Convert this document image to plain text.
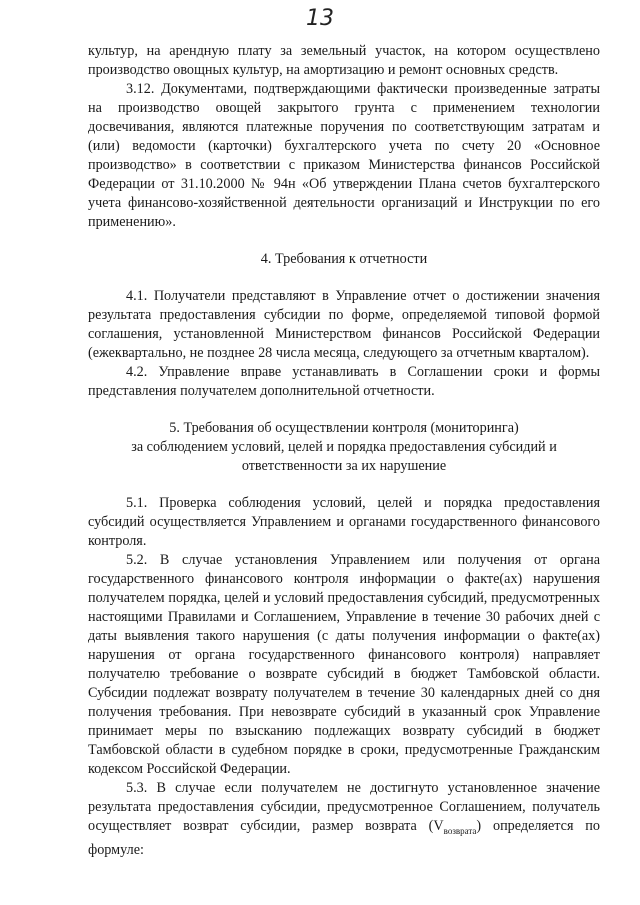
13

культур, на арендную плату за земельный участок, на котором осуществлено производство овощных культур, на амортизацию и ремонт основных средств.

3.12. Документами, подтверждающими фактически произведенные затраты на производство овощей закрытого грунта с применением технологии досвечивания, являются платежные поручения по соответствующим затратам и (или) ведомости (карточки) бухгалтерского учета по счету 20 «Основное производство» в соответствии с приказом Министерства финансов Российской Федерации от 31.10.2000 № 94н «Об утверждении Плана счетов бухгалтерского учета финансово-хозяйственной деятельности организаций и Инструкции по его применению».

4. Требования к отчетности

4.1. Получатели представляют в Управление отчет о достижении значения результата предоставления субсидии по форме, определяемой типовой формой соглашения, установленной Министерством финансов Российской Федерации (ежеквартально, не позднее 28 числа месяца, следующего за отчетным кварталом).

4.2. Управление вправе устанавливать в Соглашении сроки и формы представления получателем дополнительной отчетности.

5. Требования об осуществлении контроля (мониторинга)
за соблюдением условий, целей и порядка предоставления субсидий и
ответственности за их нарушение

5.1. Проверка соблюдения условий, целей и порядка предоставления субсидий осуществляется Управлением и органами государственного финансового контроля.

5.2. В случае установления Управлением или получения от органа государственного финансового контроля информации о факте(ах) нарушения получателем порядка, целей и условий предоставления субсидий, предусмотренных настоящими Правилами и Соглашением, Управление в течение 30 рабочих дней с даты выявления такого нарушения (с даты получения информации о факте(ах) нарушения от органа государственного финансового контроля) направляет получателю требование о возврате субсидий в бюджет Тамбовской области. Субсидии подлежат возврату получателем в течение 30 календарных дней со дня получения требования. При невозврате субсидий в указанный срок Управление принимает меры по взысканию подлежащих возврату субсидий в бюджет Тамбовской области в судебном порядке в сроки, предусмотренные Гражданским кодексом Российской Федерации.

5.3. В случае если получателем не достигнуто установленное значение результата предоставления субсидии, предусмотренное Соглашением, получатель осуществляет возврат субсидии, размер возврата $(V_{возврата})$ определяется по формуле:
